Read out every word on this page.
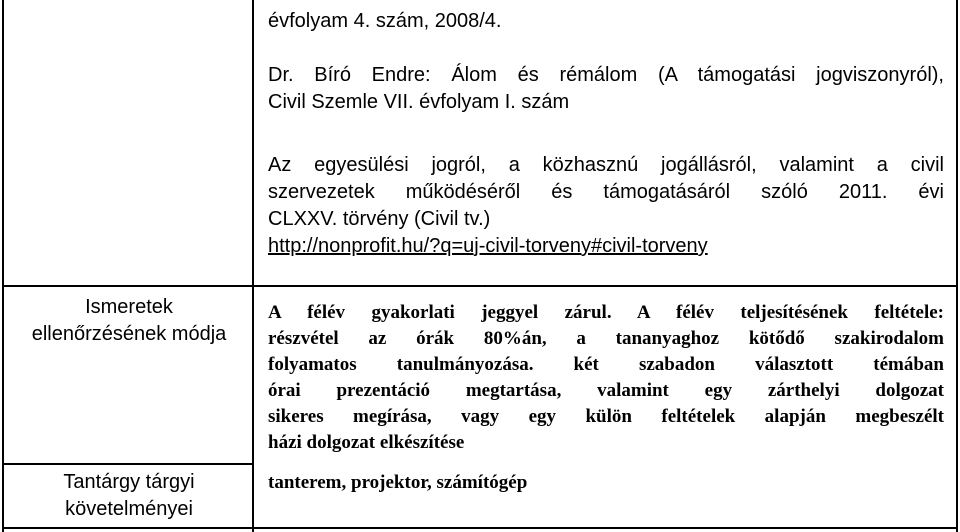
évfolyam 4. szám, 2008/4.
Dr. Bíró Endre: Álom és rémálom (A támogatási jogviszonyról),
Civil Szemle VII. évfolyam I. szám
Az egyesülési jogról, a közhasznú jogállásról, valamint a civil
szervezetek működéséről és támogatásáról szóló 2011. évi
CLXXV. törvény (Civil tv.)
http://nonprofit.hu/?q=uj-civil-torveny#civil-torveny
Ismeretek
ellenőrzésének módja
A félév gyakorlati jeggyel zárul. A félév teljesítésének feltétele:
részvétel az órák 80%án, a tananyaghoz kötődő szakirodalom
folyamatos tanulmányozása. két szabadon választott témában
órai prezentáció megtartása, valamint egy zárthelyi dolgozat
sikeres megírása, vagy egy külön feltételek alapján megbeszélt
házi dolgozat elkészítése
Tantárgy tárgyi
követelményei
tanterem, projektor, számítógép
